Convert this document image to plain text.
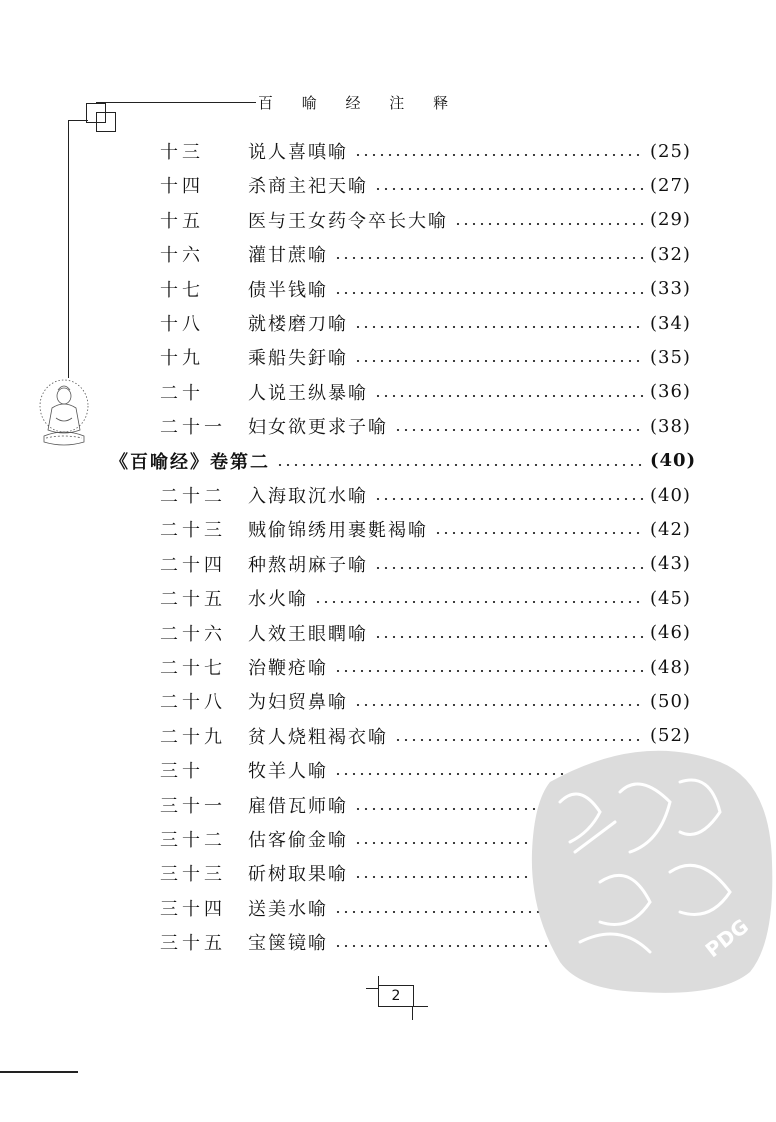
百 喻 经 注 释
十三	说人喜嗔喻	(25)
十四	杀商主祀天喻	(27)
十五	医与王女药令卒长大喻	(29)
十六	灌甘蔗喻	(32)
十七	债半钱喻	(33)
十八	就楼磨刀喻	(34)
十九	乘船失釪喻	(35)
二十	人说王纵暴喻	(36)
二十一	妇女欲更求子喻	(38)
《百喻经》卷第二	(40)
二十二	入海取沉水喻	(40)
二十三	贼偷锦绣用裹氀褐喻	(42)
二十四	种熬胡麻子喻	(43)
二十五	水火喻	(45)
二十六	人效王眼瞤喻	(46)
二十七	治鞭疮喻	(48)
二十八	为妇贸鼻喻	(50)
二十九	贫人烧粗褐衣喻	(52)
三十	牧羊人喻
三十一	雇借瓦师喻
三十二	估客偷金喻
三十三	斫树取果喻
三十四	送美水喻
三十五	宝箧镜喻	PDG
2
